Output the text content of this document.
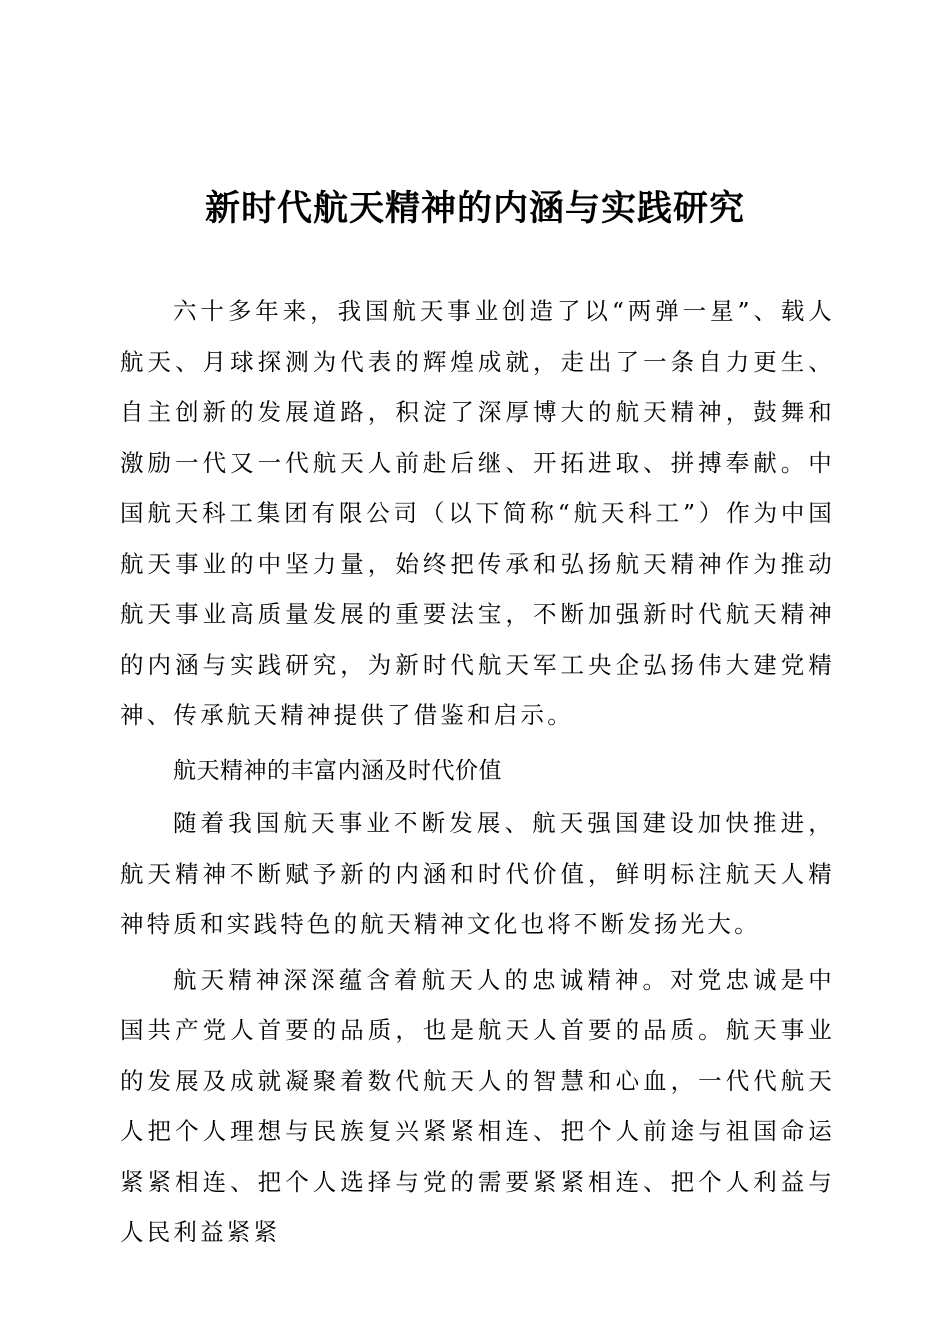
新时代航天精神的内涵与实践研究

六十多年来，我国航天事业创造了以“两弹一星”、载人航天、月球探测为代表的辉煌成就，走出了一条自力更生、自主创新的发展道路，积淀了深厚博大的航天精神，鼓舞和激励一代又一代航天人前赴后继、开拓进取、拼搏奉献。中国航天科工集团有限公司（以下简称“航天科工”）作为中国航天事业的中坚力量，始终把传承和弘扬航天精神作为推动航天事业高质量发展的重要法宝，不断加强新时代航天精神的内涵与实践研究，为新时代航天军工央企弘扬伟大建党精神、传承航天精神提供了借鉴和启示。

航天精神的丰富内涵及时代价值

随着我国航天事业不断发展、航天强国建设加快推进，航天精神不断赋予新的内涵和时代价值，鲜明标注航天人精神特质和实践特色的航天精神文化也将不断发扬光大。

航天精神深深蕴含着航天人的忠诚精神。对党忠诚是中国共产党人首要的品质，也是航天人首要的品质。航天事业的发展及成就凝聚着数代航天人的智慧和心血，一代代航天人把个人理想与民族复兴紧紧相连、把个人前途与祖国命运紧紧相连、把个人选择与党的需要紧紧相连、把个人利益与人民利益紧紧
